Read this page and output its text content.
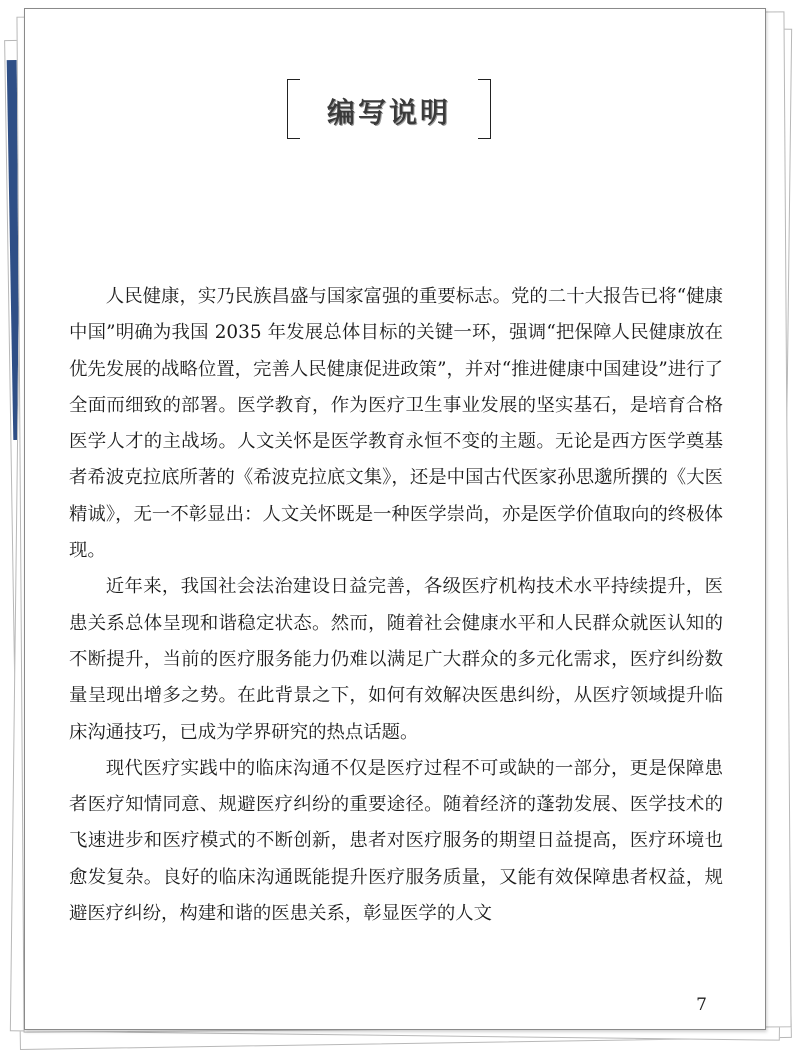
编写说明

人民健康，实乃民族昌盛与国家富强的重要标志。党的二十大报告已将“健康中国”明确为我国 2035 年发展总体目标的关键一环，强调“把保障人民健康放在优先发展的战略位置，完善人民健康促进政策”，并对“推进健康中国建设”进行了全面而细致的部署。医学教育，作为医疗卫生事业发展的坚实基石，是培育合格医学人才的主战场。人文关怀是医学教育永恒不变的主题。无论是西方医学奠基者希波克拉底所著的《希波克拉底文集》，还是中国古代医家孙思邈所撰的《大医精诚》，无一不彰显出：人文关怀既是一种医学崇尚，亦是医学价值取向的终极体现。

近年来，我国社会法治建设日益完善，各级医疗机构技术水平持续提升，医患关系总体呈现和谐稳定状态。然而，随着社会健康水平和人民群众就医认知的不断提升，当前的医疗服务能力仍难以满足广大群众的多元化需求，医疗纠纷数量呈现出增多之势。在此背景之下，如何有效解决医患纠纷，从医疗领域提升临床沟通技巧，已成为学界研究的热点话题。

现代医疗实践中的临床沟通不仅是医疗过程不可或缺的一部分，更是保障患者医疗知情同意、规避医疗纠纷的重要途径。随着经济的蓬勃发展、医学技术的飞速进步和医疗模式的不断创新，患者对医疗服务的期望日益提高，医疗环境也愈发复杂。良好的临床沟通既能提升医疗服务质量，又能有效保障患者权益，规避医疗纠纷，构建和谐的医患关系，彰显医学的人文

7
